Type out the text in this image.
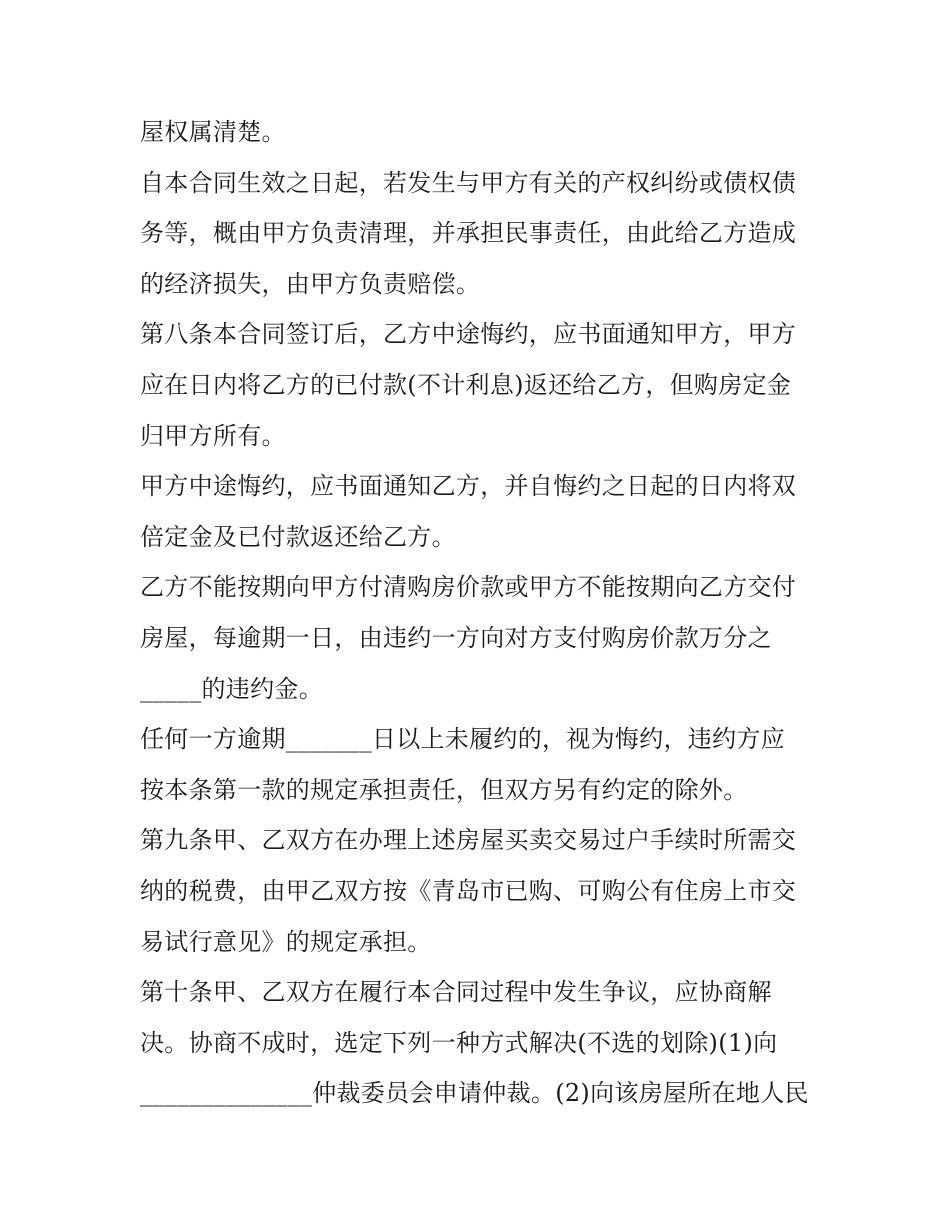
屋权属清楚。
自本合同生效之日起，若发生与甲方有关的产权纠纷或债权债
务等，概由甲方负责清理，并承担民事责任，由此给乙方造成
的经济损失，由甲方负责赔偿。
第八条本合同签订后，乙方中途悔约，应书面通知甲方，甲方
应在日内将乙方的已付款(不计利息)返还给乙方，但购房定金
归甲方所有。
甲方中途悔约，应书面通知乙方，并自悔约之日起的日内将双
倍定金及已付款返还给乙方。
乙方不能按期向甲方付清购房价款或甲方不能按期向乙方交付
房屋，每逾期一日，由违约一方向对方支付购房价款万分之
_____的违约金。
任何一方逾期_______日以上未履约的，视为悔约，违约方应
按本条第一款的规定承担责任，但双方另有约定的除外。
第九条甲、乙双方在办理上述房屋买卖交易过户手续时所需交
纳的税费，由甲乙双方按《青岛市已购、可购公有住房上市交
易试行意见》的规定承担。
第十条甲、乙双方在履行本合同过程中发生争议，应协商解
决。协商不成时，选定下列一种方式解决(不选的划除)(1)向
______________仲裁委员会申请仲裁。(2)向该房屋所在地人民
